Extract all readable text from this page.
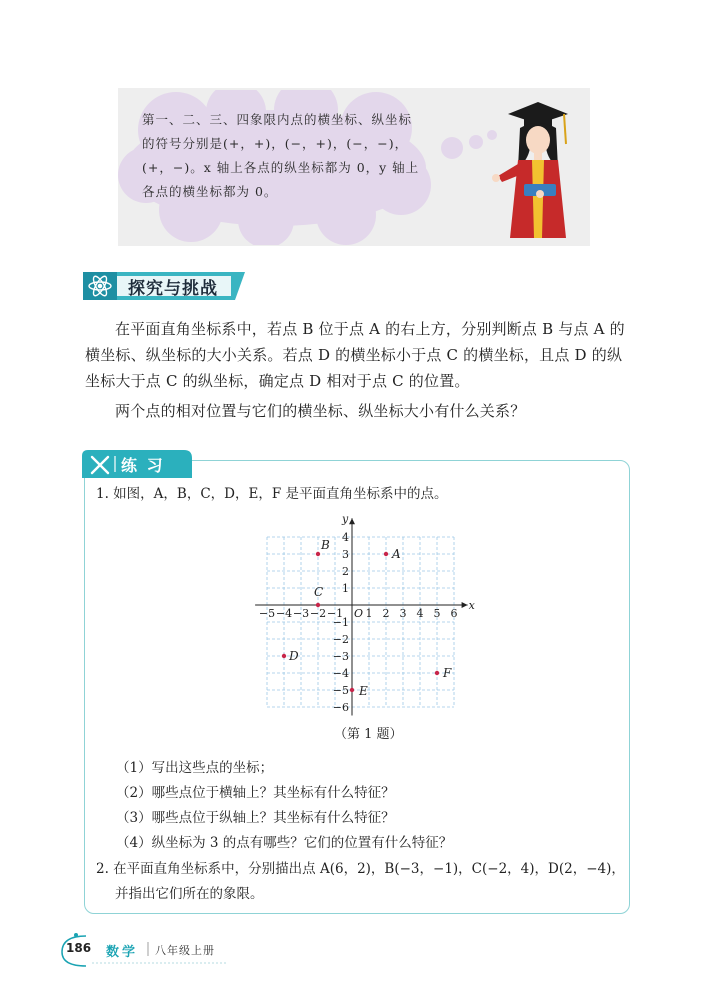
第一、二、三、四象限内点的横坐标、纵坐标的符号分别是(+，+)，(−，+)，(−，−)，(+，−)。x 轴上各点的纵坐标都为 0，y 轴上各点的横坐标都为 0。
探究与挑战
在平面直角坐标系中，若点 B 位于点 A 的右上方，分别判断点 B 与点 A 的横坐标、纵坐标的大小关系。若点 D 的横坐标小于点 C 的横坐标，且点 D 的纵坐标大于点 C 的纵坐标，确定点 D 相对于点 C 的位置。
两个点的相对位置与它们的横坐标、纵坐标大小有什么关系？
练 习
1. 如图，A，B，C，D，E，F 是平面直角坐标系中的点。
x
y
O
−5 −4 −3 −2 −1 1 2 3 4 5 6
4
3
2
1
−1
−2
−3
−4
−5
−6
A
B
C
D
E
F
（第 1 题）
（1）写出这些点的坐标；
（2）哪些点位于横轴上？其坐标有什么特征？
（3）哪些点位于纵轴上？其坐标有什么特征？
（4）纵坐标为 3 的点有哪些？它们的位置有什么特征？
2. 在平面直角坐标系中，分别描出点 A(6，2)，B(−3，−1)，C(−2，4)，D(2，−4)，
并指出它们所在的象限。
186 数学 八年级上册
